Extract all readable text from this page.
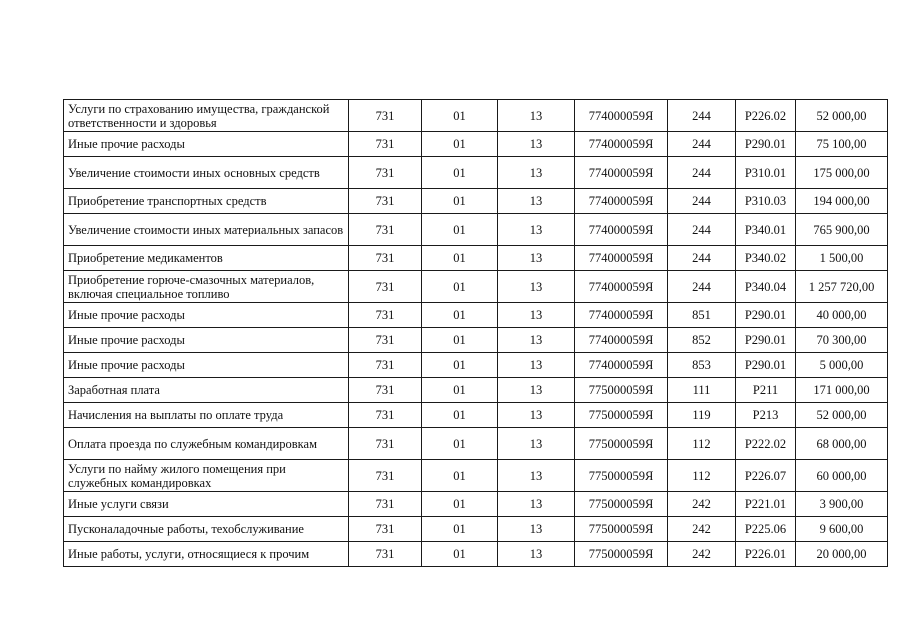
Услуги по страхованию имущества, гражданской ответственности и здоровья	731	01	13	774000059Я	244	Р226.02	52 000,00
Иные прочие расходы	731	01	13	774000059Я	244	Р290.01	75 100,00
Увеличение стоимости иных основных средств	731	01	13	774000059Я	244	Р310.01	175 000,00
Приобретение транспортных средств	731	01	13	774000059Я	244	Р310.03	194 000,00
Увеличение стоимости иных материальных запасов	731	01	13	774000059Я	244	Р340.01	765 900,00
Приобретение медикаментов	731	01	13	774000059Я	244	Р340.02	1 500,00
Приобретение горюче-смазочных материалов, включая специальное топливо	731	01	13	774000059Я	244	Р340.04	1 257 720,00
Иные прочие расходы	731	01	13	774000059Я	851	Р290.01	40 000,00
Иные прочие расходы	731	01	13	774000059Я	852	Р290.01	70 300,00
Иные прочие расходы	731	01	13	774000059Я	853	Р290.01	5 000,00
Заработная плата	731	01	13	775000059Я	111	Р211	171 000,00
Начисления на выплаты по оплате труда	731	01	13	775000059Я	119	Р213	52 000,00
Оплата проезда по служебным командировкам	731	01	13	775000059Я	112	Р222.02	68 000,00
Услуги по найму жилого помещения при служебных командировках	731	01	13	775000059Я	112	Р226.07	60 000,00
Иные услуги связи	731	01	13	775000059Я	242	Р221.01	3 900,00
Пусконаладочные работы, техобслуживание	731	01	13	775000059Я	242	Р225.06	9 600,00
Иные работы, услуги, относящиеся к прочим	731	01	13	775000059Я	242	Р226.01	20 000,00
